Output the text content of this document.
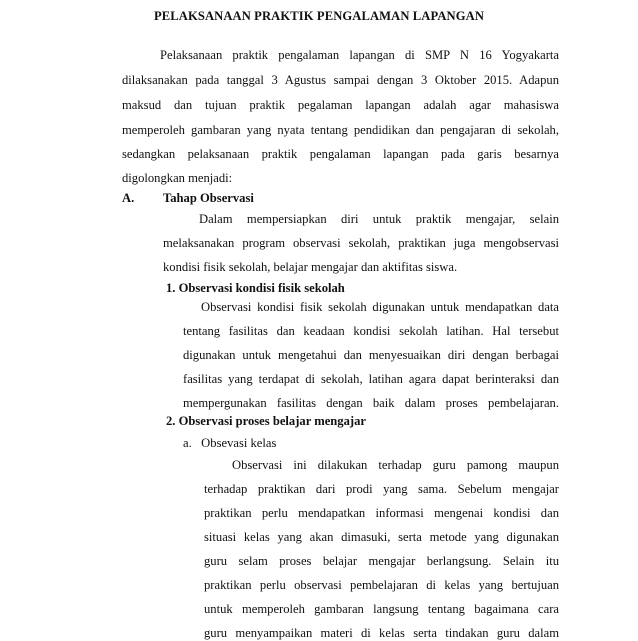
PELAKSANAAN PRAKTIK PENGALAMAN LAPANGAN
Pelaksanaan praktik pengalaman lapangan di SMP N 16 Yogyakarta
dilaksanakan pada tanggal 3 Agustus sampai dengan 3 Oktober 2015. Adapun
maksud dan tujuan praktik pegalaman lapangan adalah agar mahasiswa
memperoleh gambaran yang nyata tentang pendidikan dan pengajaran di sekolah,
sedangkan pelaksanaan praktik pengalaman lapangan pada garis besarnya
digolongkan menjadi:
A. Tahap Observasi
Dalam mempersiapkan diri untuk praktik mengajar, selain
melaksanakan program observasi sekolah, praktikan juga mengobservasi
kondisi fisik sekolah, belajar mengajar dan aktifitas siswa.
1. Observasi kondisi fisik sekolah
Observasi kondisi fisik sekolah digunakan untuk mendapatkan data
tentang fasilitas dan keadaan kondisi sekolah latihan. Hal tersebut
digunakan untuk mengetahui dan menyesuaikan diri dengan berbagai
fasilitas yang terdapat di sekolah, latihan agara dapat berinteraksi dan
mempergunakan fasilitas dengan baik dalam proses pembelajaran.
2. Observasi proses belajar mengajar
a.   Obsevasi kelas
Observasi ini dilakukan terhadap guru pamong maupun
terhadap praktikan dari prodi yang sama. Sebelum mengajar
praktikan perlu mendapatkan informasi mengenai kondisi dan
situasi kelas yang akan dimasuki, serta metode yang digunakan
guru selam proses belajar mengajar berlangsung. Selain itu
praktikan perlu observasi pembelajaran di kelas yang bertujuan
untuk memperoleh gambaran langsung tentang bagaimana cara
guru menyampaikan materi di kelas serta tindakan guru dalam
